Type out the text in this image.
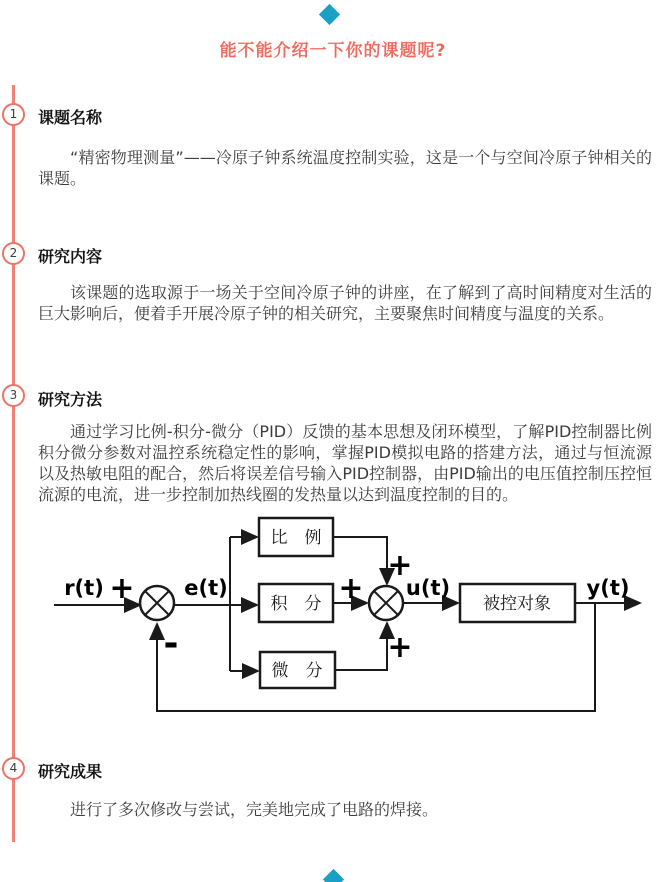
能不能介绍一下你的课题呢?
1	课题名称

“精密物理测量”——冷原子钟系统温度控制实验，这是一个与空间冷原子钟相关的课题。

2	研究内容

该课题的选取源于一场关于空间冷原子钟的讲座，在了解到了高时间精度对生活的巨大影响后，便着手开展冷原子钟的相关研究，主要聚焦时间精度与温度的关系。

3	研究方法

通过学习比例-积分-微分（PID）反馈的基本思想及闭环模型，了解PID控制器比例积分微分参数对温控系统稳定性的影响，掌握PID模拟电路的搭建方法，通过与恒流源以及热敏电阻的配合，然后将误差信号输入PID控制器，由PID输出的电压值控制压控恒流源的电流，进一步控制加热线圈的发热量以达到温度控制的目的。

比　例
积　分
微　分
被控对象
r(t)	e(t)	u(t)	y(t)
+	+
+
+
-
4	研究成果

进行了多次修改与尝试，完美地完成了电路的焊接。
